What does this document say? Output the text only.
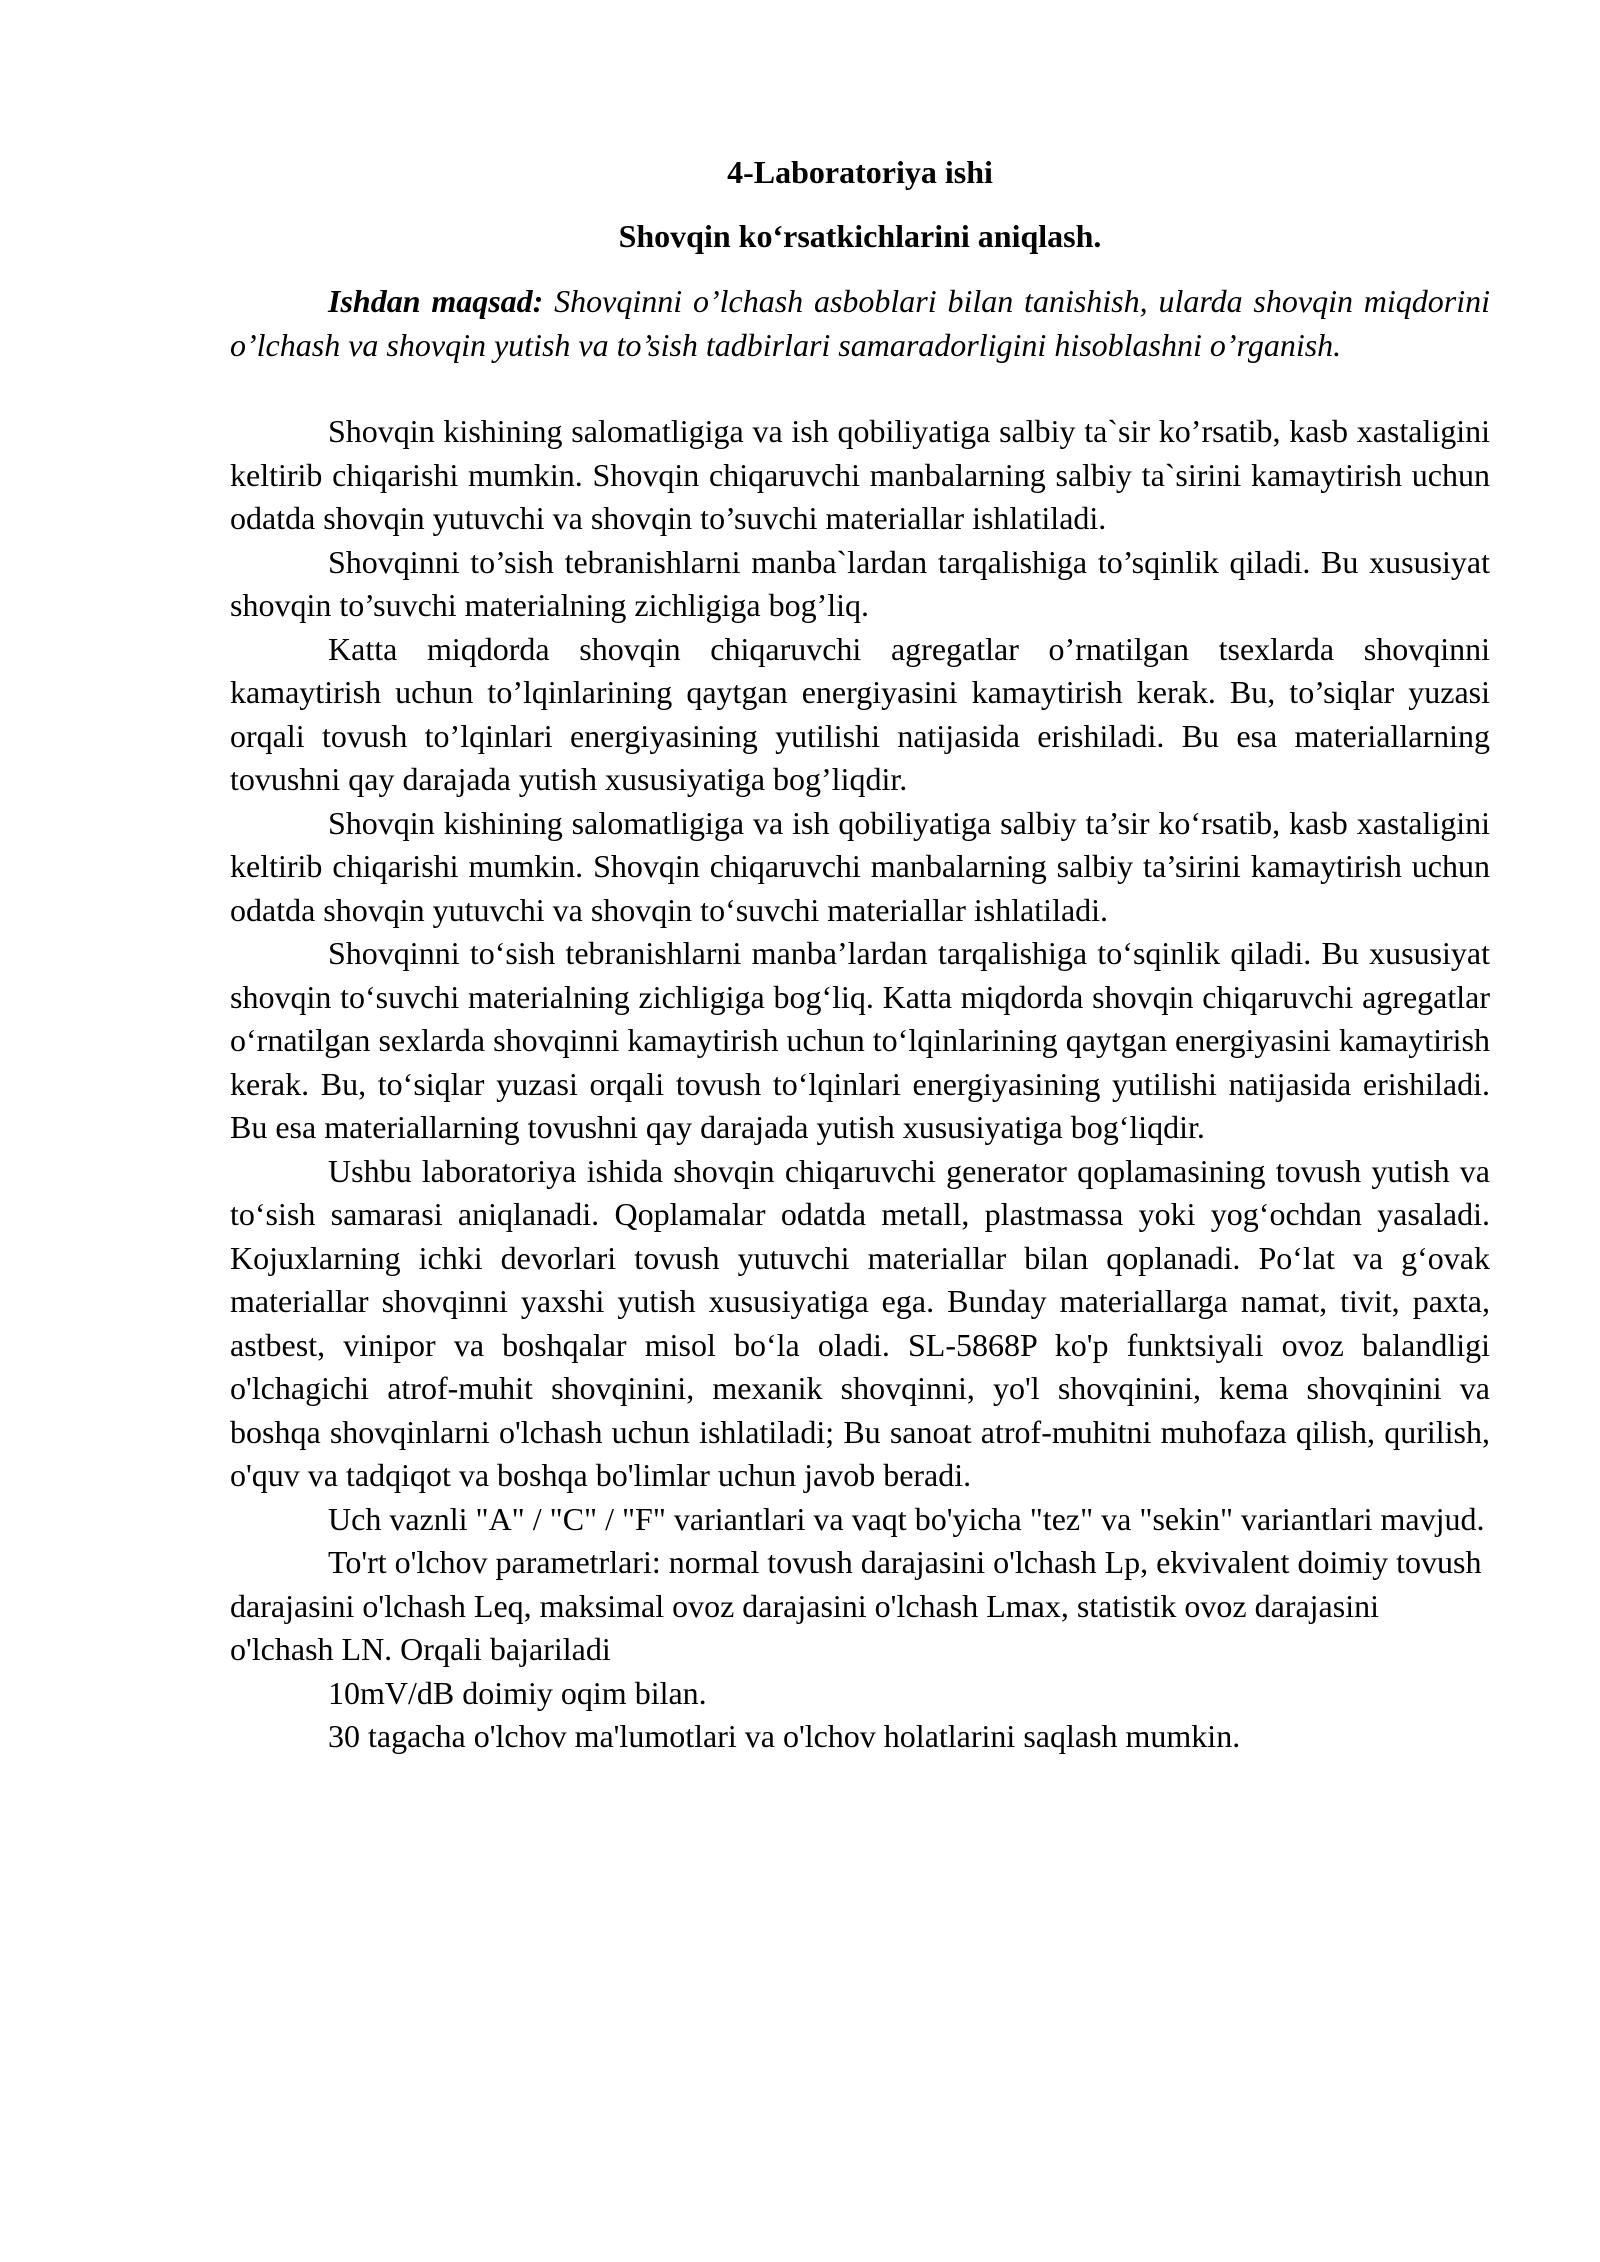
4-Laboratoriya ishi

Shovqin ko‘rsatkichlarini aniqlash.

Ishdan maqsad: Shovqinni o’lchash asboblari bilan tanishish, ularda shovqin miqdorini o’lchash va shovqin yutish va to’sish tadbirlari samaradorligini hisoblashni o’rganish.

Shovqin kishining salomatligiga va ish qobiliyatiga salbiy ta`sir ko’rsatib, kasb xastaligini keltirib chiqarishi mumkin. Shovqin chiqaruvchi manbalarning salbiy ta`sirini kamaytirish uchun odatda shovqin yutuvchi va shovqin to’suvchi materiallar ishlatiladi.

Shovqinni to’sish tebranishlarni manba`lardan tarqalishiga to’sqinlik qiladi. Bu xususiyat shovqin to’suvchi materialning zichligiga bog’liq.

Katta miqdorda shovqin chiqaruvchi agregatlar o’rnatilgan tsexlarda shovqinni kamaytirish uchun to’lqinlarining qaytgan energiyasini kamaytirish kerak. Bu, to’siqlar yuzasi orqali tovush to’lqinlari energiyasining yutilishi natijasida erishiladi. Bu esa materiallarning tovushni qay darajada yutish xususiyatiga bog’liqdir.

Shovqin kishining salomatligiga va ish qobiliyatiga salbiy ta’sir ko‘rsatib, kasb xastaligini keltirib chiqarishi mumkin. Shovqin chiqaruvchi manbalarning salbiy ta’sirini kamaytirish uchun odatda shovqin yutuvchi va shovqin to‘suvchi materiallar ishlatiladi.

Shovqinni to‘sish tebranishlarni manba’lardan tarqalishiga to‘sqinlik qiladi. Bu xususiyat shovqin to‘suvchi materialning zichligiga bog‘liq. Katta miqdorda shovqin chiqaruvchi agregatlar o‘rnatilgan sexlarda shovqinni kamaytirish uchun to‘lqinlarining qaytgan energiyasini kamaytirish kerak. Bu, to‘siqlar yuzasi orqali tovush to‘lqinlari energiyasining yutilishi natijasida erishiladi. Bu esa materiallarning tovushni qay darajada yutish xususiyatiga bog‘liqdir.

Ushbu laboratoriya ishida shovqin chiqaruvchi generator qoplamasining tovush yutish va to‘sish samarasi aniqlanadi. Qoplamalar odatda metall, plastmassa yoki yog‘ochdan yasaladi. Kojuxlarning ichki devorlari tovush yutuvchi materiallar bilan qoplanadi. Po‘lat va g‘ovak materiallar shovqinni yaxshi yutish xususiyatiga ega. Bunday materiallarga namat, tivit, paxta, astbest, vinipor va boshqalar misol bo‘la oladi. SL-5868P ko'p funktsiyali ovoz balandligi o'lchagichi atrof-muhit shovqinini, mexanik shovqinni, yo'l shovqinini, kema shovqinini va boshqa shovqinlarni o'lchash uchun ishlatiladi; Bu sanoat atrof-muhitni muhofaza qilish, qurilish, o'quv va tadqiqot va boshqa bo'limlar uchun javob beradi.

Uch vaznli "A" / "C" / "F" variantlari va vaqt bo'yicha "tez" va "sekin" variantlari mavjud.

To'rt o'lchov parametrlari: normal tovush darajasini o'lchash Lp, ekvivalent doimiy tovush darajasini o'lchash Leq, maksimal ovoz darajasini o'lchash Lmax, statistik ovoz darajasini o'lchash LN. Orqali bajariladi

10mV/dB doimiy oqim bilan.

30 tagacha o'lchov ma'lumotlari va o'lchov holatlarini saqlash mumkin.
